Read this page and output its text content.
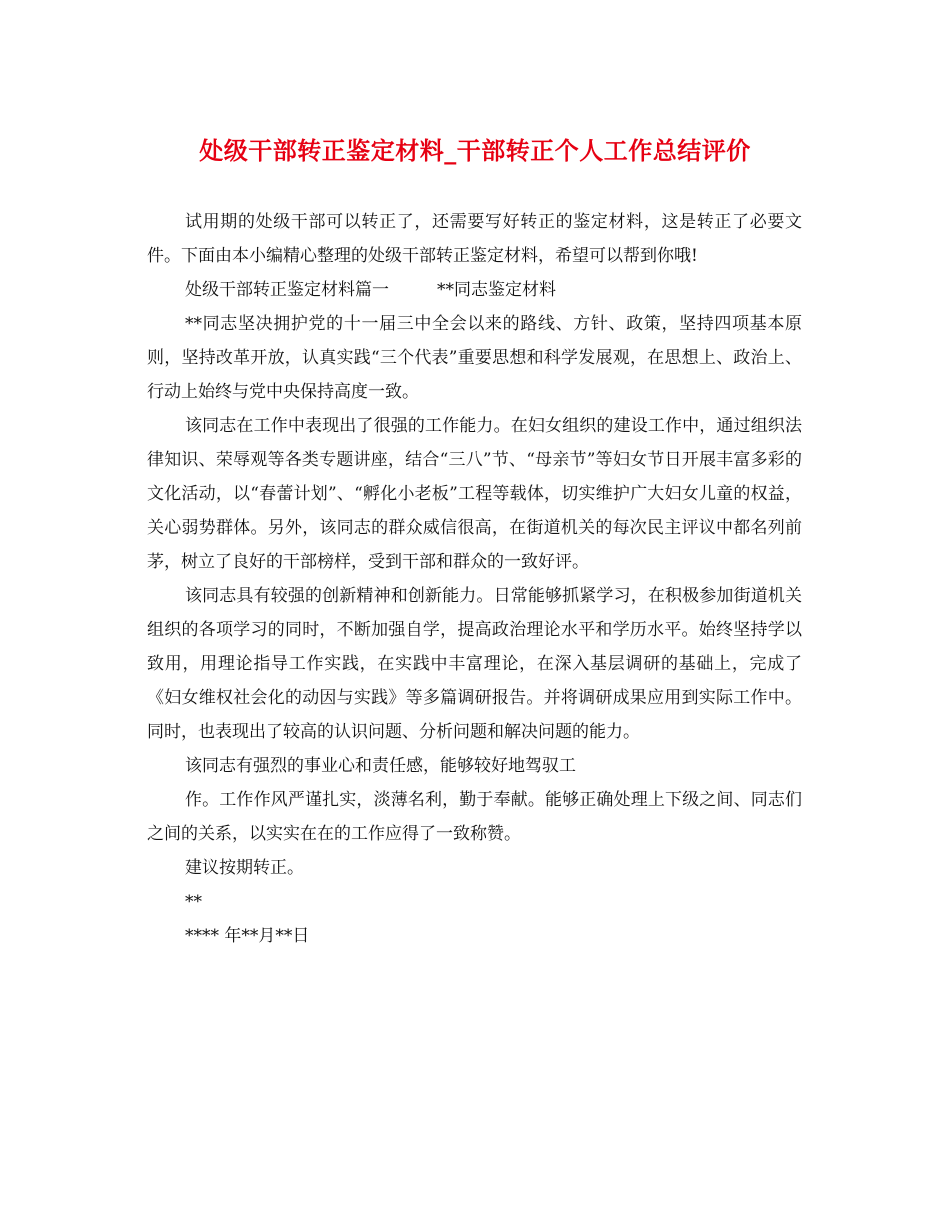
处级干部转正鉴定材料_干部转正个人工作总结评价

试用期的处级干部可以转正了，还需要写好转正的鉴定材料，这是转正了必要文件。下面由本小编精心整理的处级干部转正鉴定材料，希望可以帮到你哦!

处级干部转正鉴定材料篇一	**同志鉴定材料

**同志坚决拥护党的十一届三中全会以来的路线、方针、政策，坚持四项基本原则，坚持改革开放，认真实践“三个代表”重要思想和科学发展观，在思想上、政治上、行动上始终与党中央保持高度一致。

该同志在工作中表现出了很强的工作能力。在妇女组织的建设工作中，通过组织法律知识、荣辱观等各类专题讲座，结合“三八”节、“母亲节”等妇女节日开展丰富多彩的文化活动，以“春蕾计划”、“孵化小老板”工程等载体，切实维护广大妇女儿童的权益，关心弱势群体。另外，该同志的群众威信很高，在街道机关的每次民主评议中都名列前茅，树立了良好的干部榜样，受到干部和群众的一致好评。

该同志具有较强的创新精神和创新能力。日常能够抓紧学习，在积极参加街道机关组织的各项学习的同时，不断加强自学，提高政治理论水平和学历水平。始终坚持学以致用，用理论指导工作实践，在实践中丰富理论，在深入基层调研的基础上，完成了《妇女维权社会化的动因与实践》等多篇调研报告。并将调研成果应用到实际工作中。同时，也表现出了较高的认识问题、分析问题和解决问题的能力。

该同志有强烈的事业心和责任感，能够较好地驾驭工

作。工作作风严谨扎实，淡薄名利，勤于奉献。能够正确处理上下级之间、同志们之间的关系，以实实在在的工作应得了一致称赞。

建议按期转正。

**

**** 年**月**日
